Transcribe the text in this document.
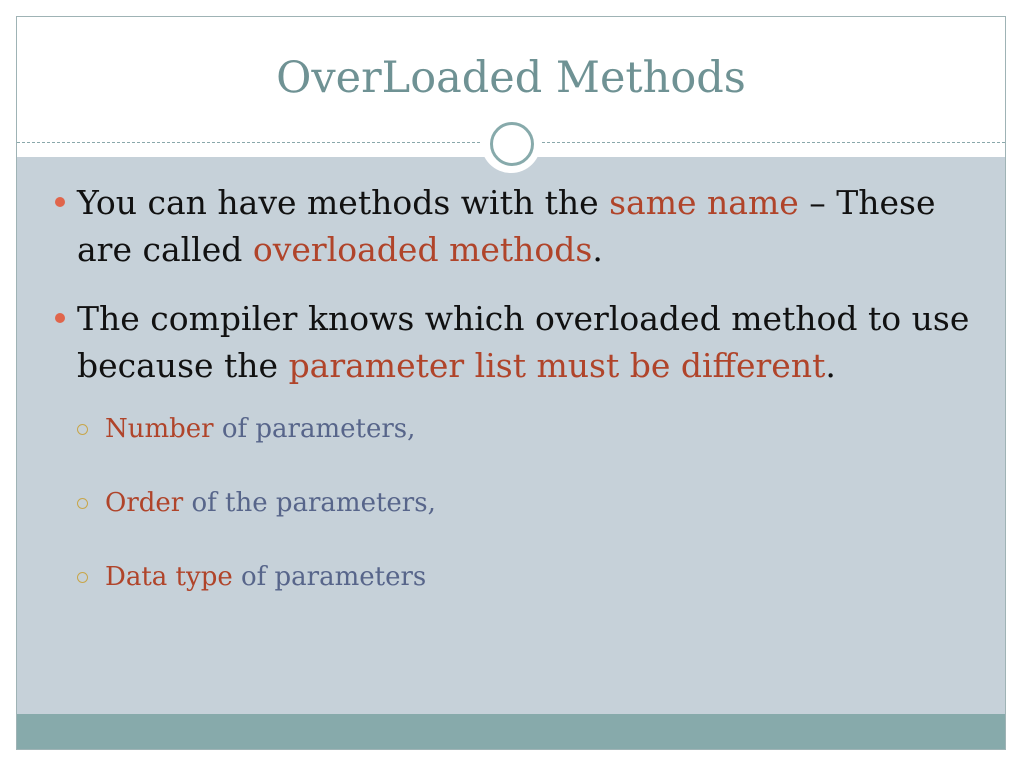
OverLoaded Methods
You can have methods with the same name – These are called overloaded methods.
The compiler knows which overloaded method to use because the parameter list must be different.
Number of parameters,
Order of the parameters,
Data type of parameters
